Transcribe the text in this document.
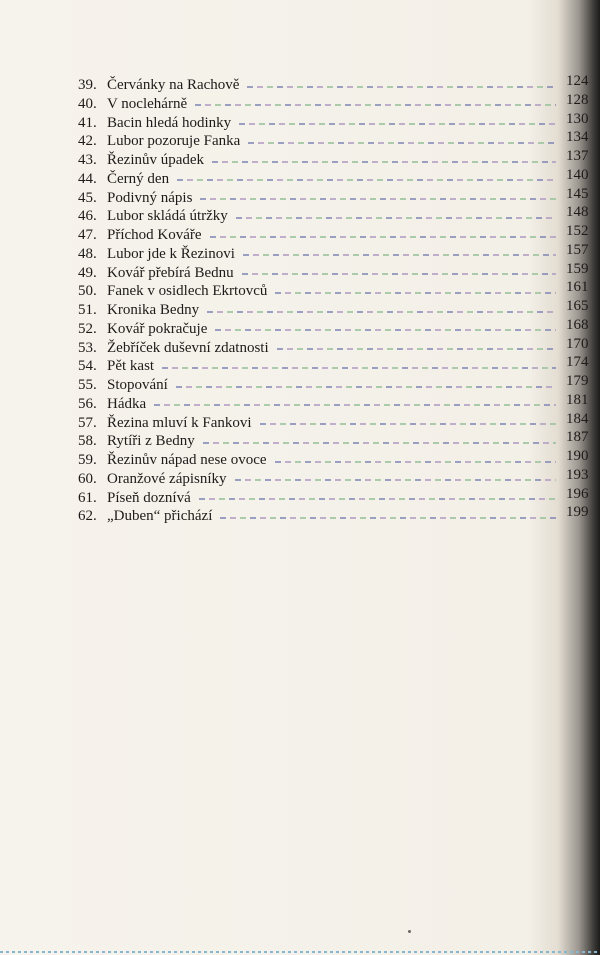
39. Červánky na Rachově	124
40. V noclehárně	128
41. Bacin hledá hodinky	130
42. Lubor pozoruje Fanka	134
43. Řezinův úpadek	137
44. Černý den	140
45. Podivný nápis	145
46. Lubor skládá útržky	148
47. Příchod Kováře	152
48. Lubor jde k Řezinovi	157
49. Kovář přebírá Bednu	159
50. Fanek v osidlech Ekrtovců	161
51. Kronika Bedny	165
52. Kovář pokračuje	168
53. Žebříček duševní zdatnosti	170
54. Pět kast	174
55. Stopování	179
56. Hádka	181
57. Řezina mluví k Fankovi	184
58. Rytíři z Bedny	187
59. Řezinův nápad nese ovoce	190
60. Oranžové zápisníky	193
61. Píseň doznívá	196
62. „Duben“ přichází	199
